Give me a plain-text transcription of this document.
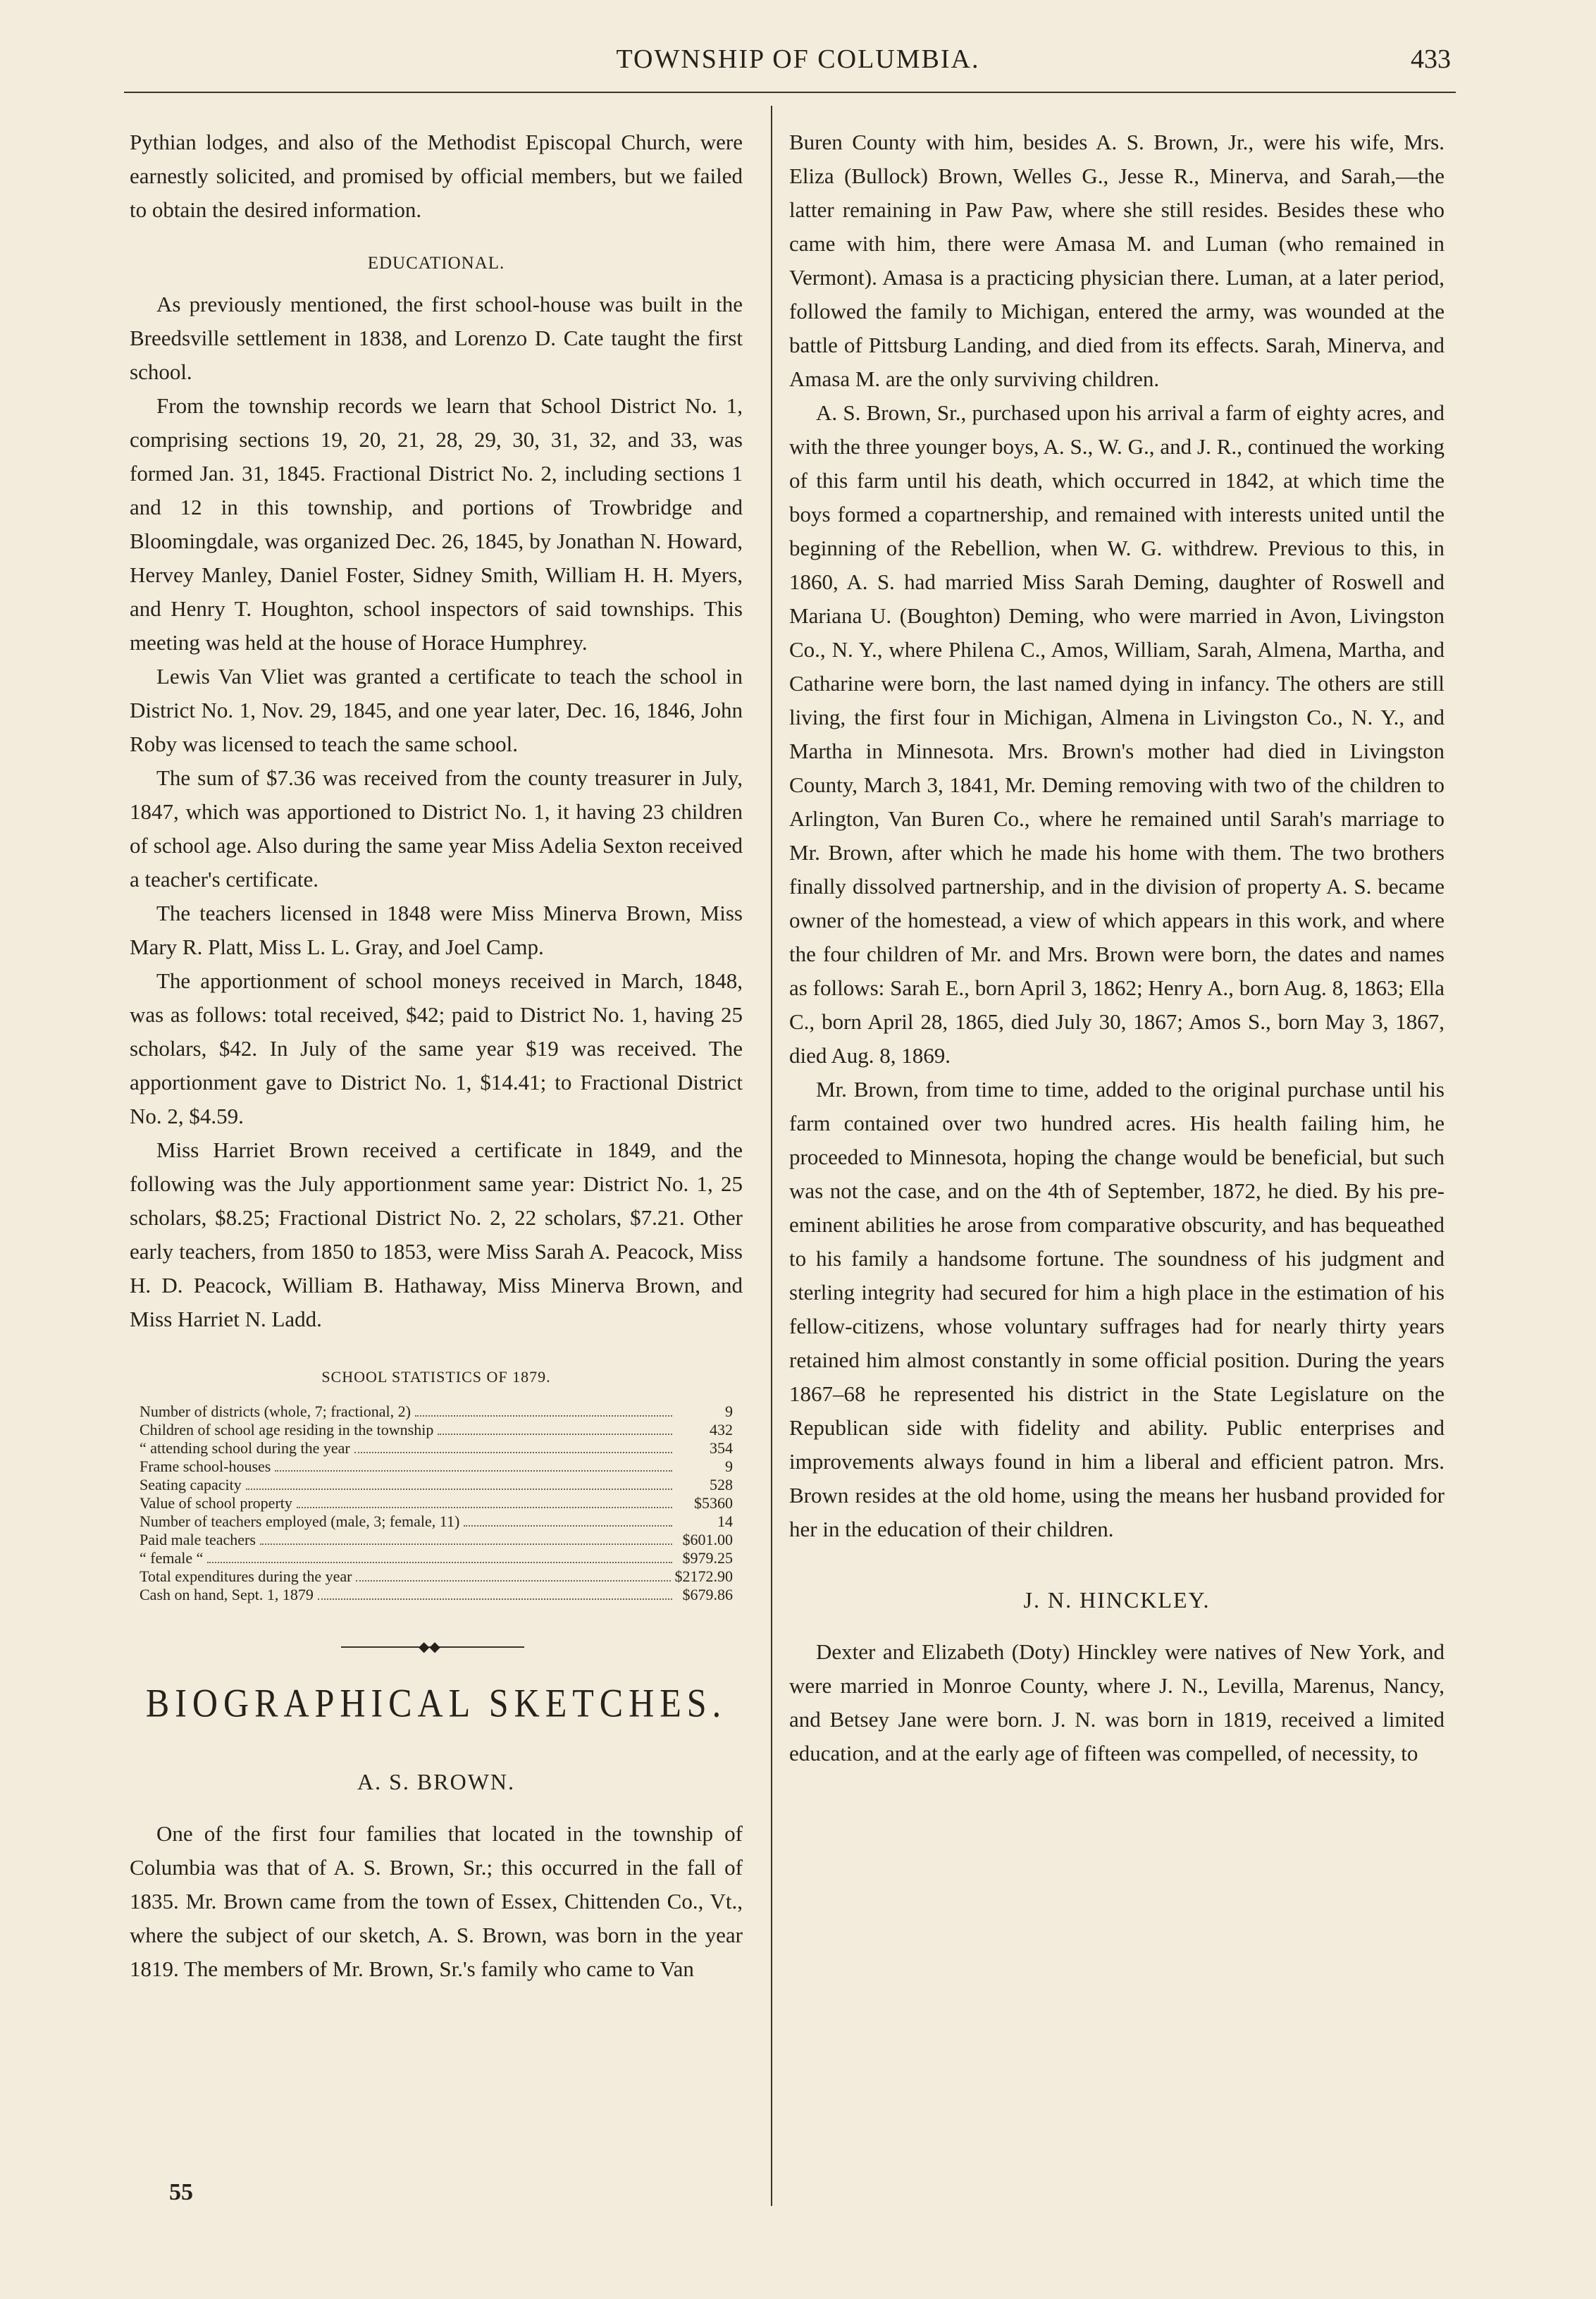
TOWNSHIP OF COLUMBIA.	433

Pythian lodges, and also of the Methodist Episcopal Church, were earnestly solicited, and promised by official members, but we failed to obtain the desired information.

EDUCATIONAL.

As previously mentioned, the first school-house was built in the Breedsville settlement in 1838, and Lorenzo D. Cate taught the first school.

From the township records we learn that School District No. 1, comprising sections 19, 20, 21, 28, 29, 30, 31, 32, and 33, was formed Jan. 31, 1845. Fractional District No. 2, including sections 1 and 12 in this township, and portions of Trowbridge and Bloomingdale, was organized Dec. 26, 1845, by Jonathan N. Howard, Hervey Manley, Daniel Foster, Sidney Smith, William H. H. Myers, and Henry T. Houghton, school inspectors of said townships. This meeting was held at the house of Horace Humphrey.

Lewis Van Vliet was granted a certificate to teach the school in District No. 1, Nov. 29, 1845, and one year later, Dec. 16, 1846, John Roby was licensed to teach the same school.

The sum of $7.36 was received from the county treasurer in July, 1847, which was apportioned to District No. 1, it having 23 children of school age. Also during the same year Miss Adelia Sexton received a teacher's certificate.

The teachers licensed in 1848 were Miss Minerva Brown, Miss Mary R. Platt, Miss L. L. Gray, and Joel Camp.

The apportionment of school moneys received in March, 1848, was as follows: total received, $42; paid to District No. 1, having 25 scholars, $42. In July of the same year $19 was received. The apportionment gave to District No. 1, $14.41; to Fractional District No. 2, $4.59.

Miss Harriet Brown received a certificate in 1849, and the following was the July apportionment same year: District No. 1, 25 scholars, $8.25; Fractional District No. 2, 22 scholars, $7.21. Other early teachers, from 1850 to 1853, were Miss Sarah A. Peacock, Miss H. D. Peacock, William B. Hathaway, Miss Minerva Brown, and Miss Harriet N. Ladd.

SCHOOL STATISTICS OF 1879.
Number of districts (whole, 7; fractional, 2)	9
Children of school age residing in the township	432
“ attending school during the year	354
Frame school-houses	9
Seating capacity	528
Value of school property	$5360
Number of teachers employed (male, 3; female, 11)	14
Paid male teachers	$601.00
“ female “	$979.25
Total expenditures during the year	$2172.90
Cash on hand, Sept. 1, 1879	$679.86
◆◆
BIOGRAPHICAL SKETCHES.
A. S. BROWN.

One of the first four families that located in the township of Columbia was that of A. S. Brown, Sr.; this occurred in the fall of 1835. Mr. Brown came from the town of Essex, Chittenden Co., Vt., where the subject of our sketch, A. S. Brown, was born in the year 1819. The members of Mr. Brown, Sr.'s family who came to Van

55

Buren County with him, besides A. S. Brown, Jr., were his wife, Mrs. Eliza (Bullock) Brown, Welles G., Jesse R., Minerva, and Sarah,—the latter remaining in Paw Paw, where she still resides. Besides these who came with him, there were Amasa M. and Luman (who remained in Vermont). Amasa is a practicing physician there. Luman, at a later period, followed the family to Michigan, entered the army, was wounded at the battle of Pittsburg Landing, and died from its effects. Sarah, Minerva, and Amasa M. are the only surviving children.

A. S. Brown, Sr., purchased upon his arrival a farm of eighty acres, and with the three younger boys, A. S., W. G., and J. R., continued the working of this farm until his death, which occurred in 1842, at which time the boys formed a copartnership, and remained with interests united until the beginning of the Rebellion, when W. G. withdrew. Previous to this, in 1860, A. S. had married Miss Sarah Deming, daughter of Roswell and Mariana U. (Boughton) Deming, who were married in Avon, Livingston Co., N. Y., where Philena C., Amos, William, Sarah, Almena, Martha, and Catharine were born, the last named dying in infancy. The others are still living, the first four in Michigan, Almena in Livingston Co., N. Y., and Martha in Minnesota. Mrs. Brown's mother had died in Livingston County, March 3, 1841, Mr. Deming removing with two of the children to Arlington, Van Buren Co., where he remained until Sarah's marriage to Mr. Brown, after which he made his home with them. The two brothers finally dissolved partnership, and in the division of property A. S. became owner of the homestead, a view of which appears in this work, and where the four children of Mr. and Mrs. Brown were born, the dates and names as follows: Sarah E., born April 3, 1862; Henry A., born Aug. 8, 1863; Ella C., born April 28, 1865, died July 30, 1867; Amos S., born May 3, 1867, died Aug. 8, 1869.

Mr. Brown, from time to time, added to the original purchase until his farm contained over two hundred acres. His health failing him, he proceeded to Minnesota, hoping the change would be beneficial, but such was not the case, and on the 4th of September, 1872, he died. By his pre-eminent abilities he arose from comparative obscurity, and has bequeathed to his family a handsome fortune. The soundness of his judgment and sterling integrity had secured for him a high place in the estimation of his fellow-citizens, whose voluntary suffrages had for nearly thirty years retained him almost constantly in some official position. During the years 1867–68 he represented his district in the State Legislature on the Republican side with fidelity and ability. Public enterprises and improvements always found in him a liberal and efficient patron. Mrs. Brown resides at the old home, using the means her husband provided for her in the education of their children.

J. N. HINCKLEY.

Dexter and Elizabeth (Doty) Hinckley were natives of New York, and were married in Monroe County, where J. N., Levilla, Marenus, Nancy, and Betsey Jane were born. J. N. was born in 1819, received a limited education, and at the early age of fifteen was compelled, of necessity, to
